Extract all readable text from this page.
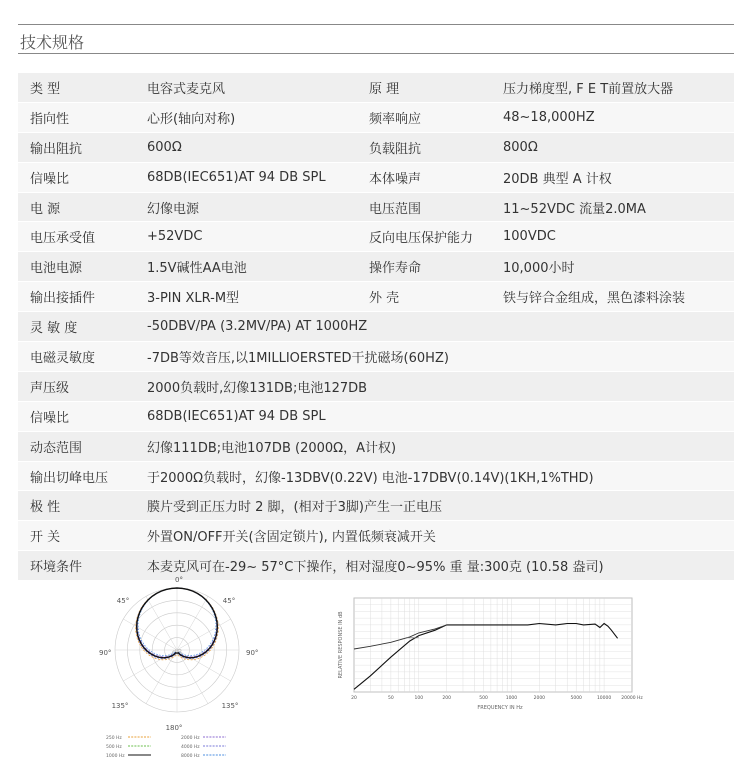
技术规格
类 型	电容式麦克风	原 理	压力梯度型, F E T前置放大器
指向性	心形(轴向对称)	频率响应	48~18,000HZ
输出阻抗	600Ω	负载阻抗	800Ω
信噪比	68DB(IEC651)AT 94 DB SPL	本体噪声	20DB 典型 A 计权
电 源	幻像电源	电压范围	11~52VDC 流量2.0MA
电压承受值	+52VDC	反向电压保护能力	100VDC
电池电源	1.5V碱性AA电池	操作寿命	10,000小时
输出接插件	3-PIN XLR-M型	外 壳	铁与锌合金组成，黑色漆料涂装
灵 敏 度	-50DBV/PA (3.2MV/PA) AT 1000HZ		
电磁灵敏度	-7DB等效音压,以1MILLIOERSTED干扰磁场(60HZ)		
声压级	2000负载时,幻像131DB;电池127DB		
信噪比	68DB(IEC651)AT 94 DB SPL		
动态范围	幻像111DB;电池107DB (2000Ω，A计权)		
输出切峰电压	于2000Ω负载时，幻像-13DBV(0.22V) 电池-17DBV(0.14V)(1KH,1%THD)		
极 性	膜片受到正压力时 2 脚，(相对于3脚)产生一正电压		
开 关	外置ON/OFF开关(含固定锁片), 内置低频衰减开关		
环境条件	本麦克风可在-29~ 57°C下操作，相对湿度0~95% 重 量:300克 (10.58 盎司)		
0°
45°	45°
90°	90°
135°	135°
180°
dB
250 Hz	2000 Hz
500 Hz	4000 Hz
1000 Hz	8000 Hz
20	50	100	200	500	1000	2000	5000	10000 20000 Hz
RELATIVE RESPONSE IN dB
FREQUENCY IN Hz
